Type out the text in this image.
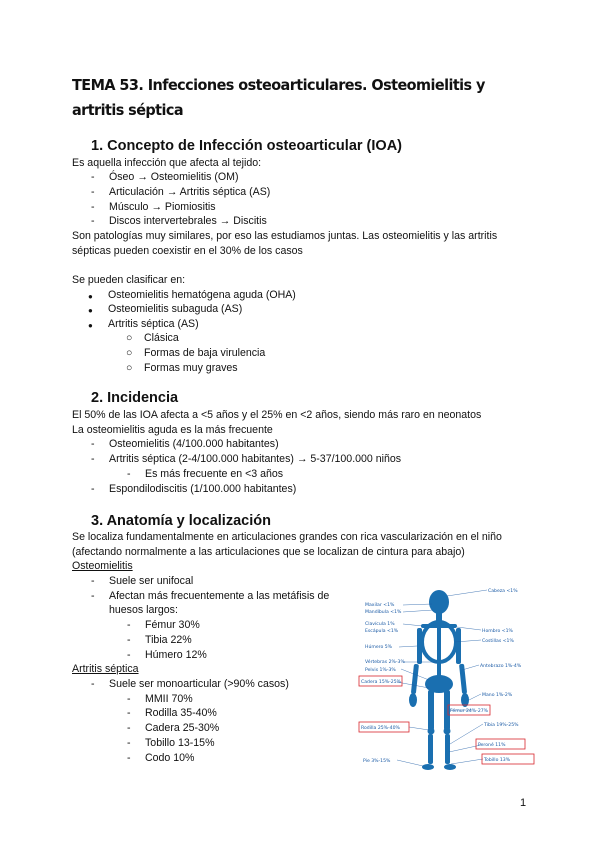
TEMA 53. Infecciones osteoarticulares. Osteomielitis y artritis séptica
1. Concepto de Infección osteoarticular (IOA)
Es aquella infección que afecta al tejido:
- Óseo → Osteomielitis (OM)
- Articulación → Artritis séptica (AS)
- Músculo → Piomiositis
- Discos intervertebrales → Discitis
Son patologías muy similares, por eso las estudiamos juntas. Las osteomielitis y las artritis
sépticas pueden coexistir en el 30% de los casos
Se pueden clasificar en:
● Osteomielitis hematógena aguda (OHA)
● Osteomielitis subaguda (AS)
● Artritis séptica (AS)
○ Clásica
○ Formas de baja virulencia
○ Formas muy graves
2. Incidencia
El 50% de las IOA afecta a <5 años y el 25% en <2 años, siendo más raro en neonatos
La osteomielitis aguda es la más frecuente
- Osteomielitis (4/100.000 habitantes)
- Artritis séptica (2-4/100.000 habitantes) → 5-37/100.000 niños
- Es más frecuente en <3 años
- Espondilodiscitis (1/100.000 habitantes)
3. Anatomía y localización
Se localiza fundamentalmente en articulaciones grandes con rica vascularización en el niño
(afectando normalmente a las articulaciones que se localizan de cintura para abajo)
Osteomielitis
- Suele ser unifocal
- Afectan más frecuentemente a las metáfisis de
huesos largos:
- Fémur 30%
- Tibia 22%
- Húmero 12%
Artritis séptica
- Suele ser monoarticular (>90% casos)
- MMII 70%
- Rodilla 35-40%
- Cadera 25-30%
- Tobillo 13-15%
- Codo 10%
Maxilar <1%
Mandíbula <1%
Clavícula 1%
Escápula <1%
Húmero 5%
Vértebras 2%-3%
Pelvis 1%-3%
Cadera 15%-25%
Rodilla 25%-40%
Pie 3%-15%
Cabeza <1%
Hombro <1%
Costillas <1%
Antebrazo 1%-4%
Mano 1%-2%
Fémur 24%-27%
Tibia 19%-25%
Peroné 11%
Tobillo 13%
1
